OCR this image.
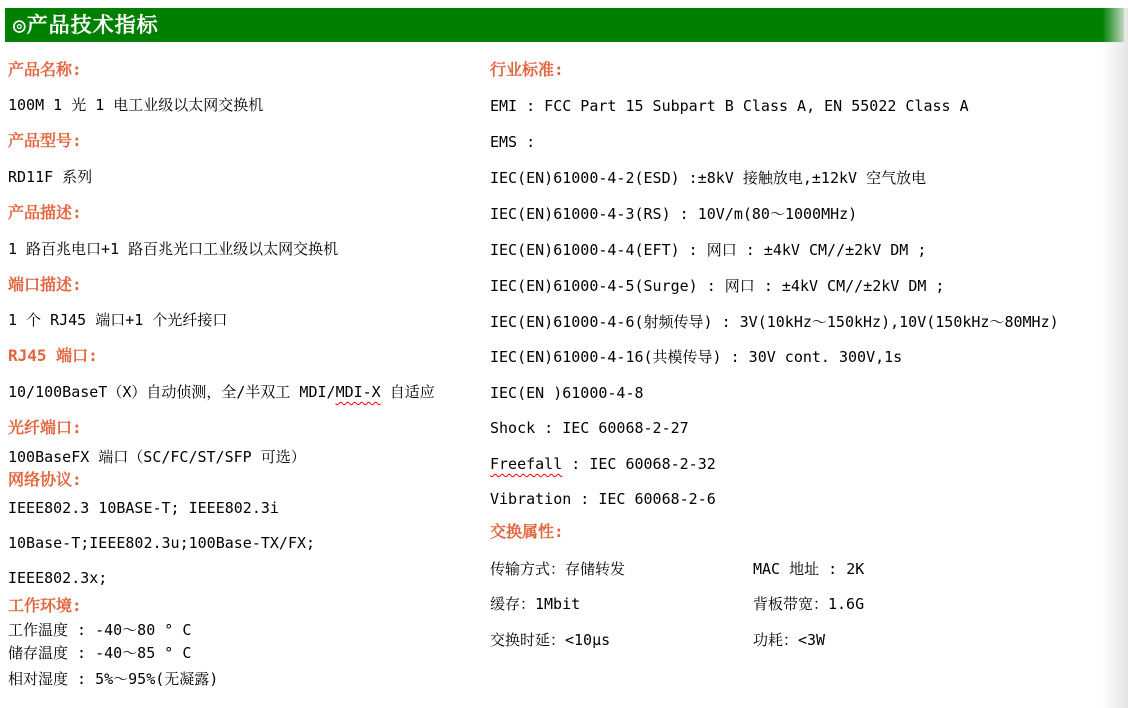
◎产品技术指标

产品名称:

100M 1 光 1 电工业级以太网交换机

产品型号:

RD11F 系列

产品描述:

1 路百兆电口+1 路百兆光口工业级以太网交换机

端口描述:

1 个 RJ45 端口+1 个光纤接口

RJ45 端口:

10/100BaseT（X）自动侦测，全/半双工 MDI/MDI-X 自适应

光纤端口:

100BaseFX 端口（SC/FC/ST/SFP 可选）

网络协议:

IEEE802.3 10BASE-T; IEEE802.3i

10Base-T;IEEE802.3u;100Base-TX/FX;

IEEE802.3x;

工作环境:

工作温度 : -40～80 ° C

储存温度 : -40～85 ° C

相对湿度 : 5%～95%(无凝露)

行业标准:

EMI : FCC Part 15 Subpart B Class A, EN 55022 Class A

EMS :

IEC(EN)61000-4-2(ESD) :±8kV 接触放电,±12kV 空气放电

IEC(EN)61000-4-3(RS) : 10V/m(80～1000MHz)

IEC(EN)61000-4-4(EFT) : 网口 : ±4kV CM//±2kV DM ;

IEC(EN)61000-4-5(Surge) : 网口 : ±4kV CM//±2kV DM ;

IEC(EN)61000-4-6(射频传导) : 3V(10kHz～150kHz),10V(150kHz～80MHz)

IEC(EN)61000-4-16(共模传导) : 30V cont. 300V,1s

IEC(EN )61000-4-8

Shock : IEC 60068-2-27

Freefall : IEC 60068-2-32

Vibration : IEC 60068-2-6

交换属性:

传输方式：存储转发	MAC 地址 : 2K

缓存：1Mbit	背板带宽：1.6G

交换时延：<10μs	功耗：<3W
